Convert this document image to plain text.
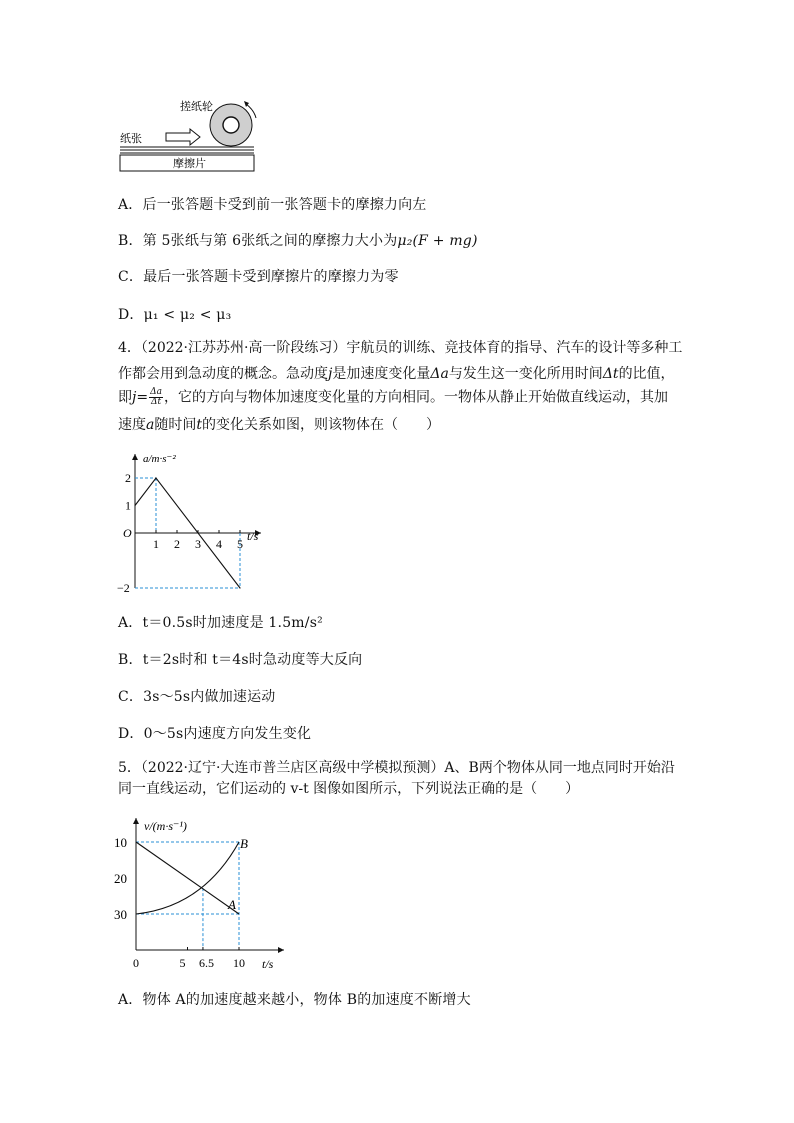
搓纸轮
纸张
摩擦片
A．后一张答题卡受到前一张答题卡的摩擦力向左
B．第 5张纸与第 6张纸之间的摩擦力大小为μ₂(F + mg)
C．最后一张答题卡受到摩擦片的摩擦力为零
D．μ₁ < μ₂ < μ₃
4．（2022·江苏苏州·高一阶段练习）宇航员的训练、竞技体育的指导、汽车的设计等多种工
作都会用到急动度的概念。急动度j是加速度变化量Δa与发生这一变化所用时间Δt的比值，
即$j= \frac{\Delta a}{\Delta t}$ ，它的方向与物体加速度变化量的方向相同。一物体从静止开始做直线运动，其加
速度a随时间t的变化关系如图，则该物体在（　　）
1 2 3 4 5
2
1
−2
O
a/m·s⁻²
t/s
A．t＝0.5s时加速度是 1.5m/s²
B．t＝2s时和 t＝4s时急动度等大反向
C．3s～5s内做加速运动
D．0～5s内速度方向发生变化
5．（2022·辽宁·大连市普兰店区高级中学模拟预测）A、B两个物体从同一地点同时开始沿
同一直线运动，它们运动的 v-t 图像如图所示，下列说法正确的是（　　）
0	5 6.5 10
30
20
10
v/(m·s⁻¹)
t/s
B
A
A．物体 A的加速度越来越小，物体 B的加速度不断增大
